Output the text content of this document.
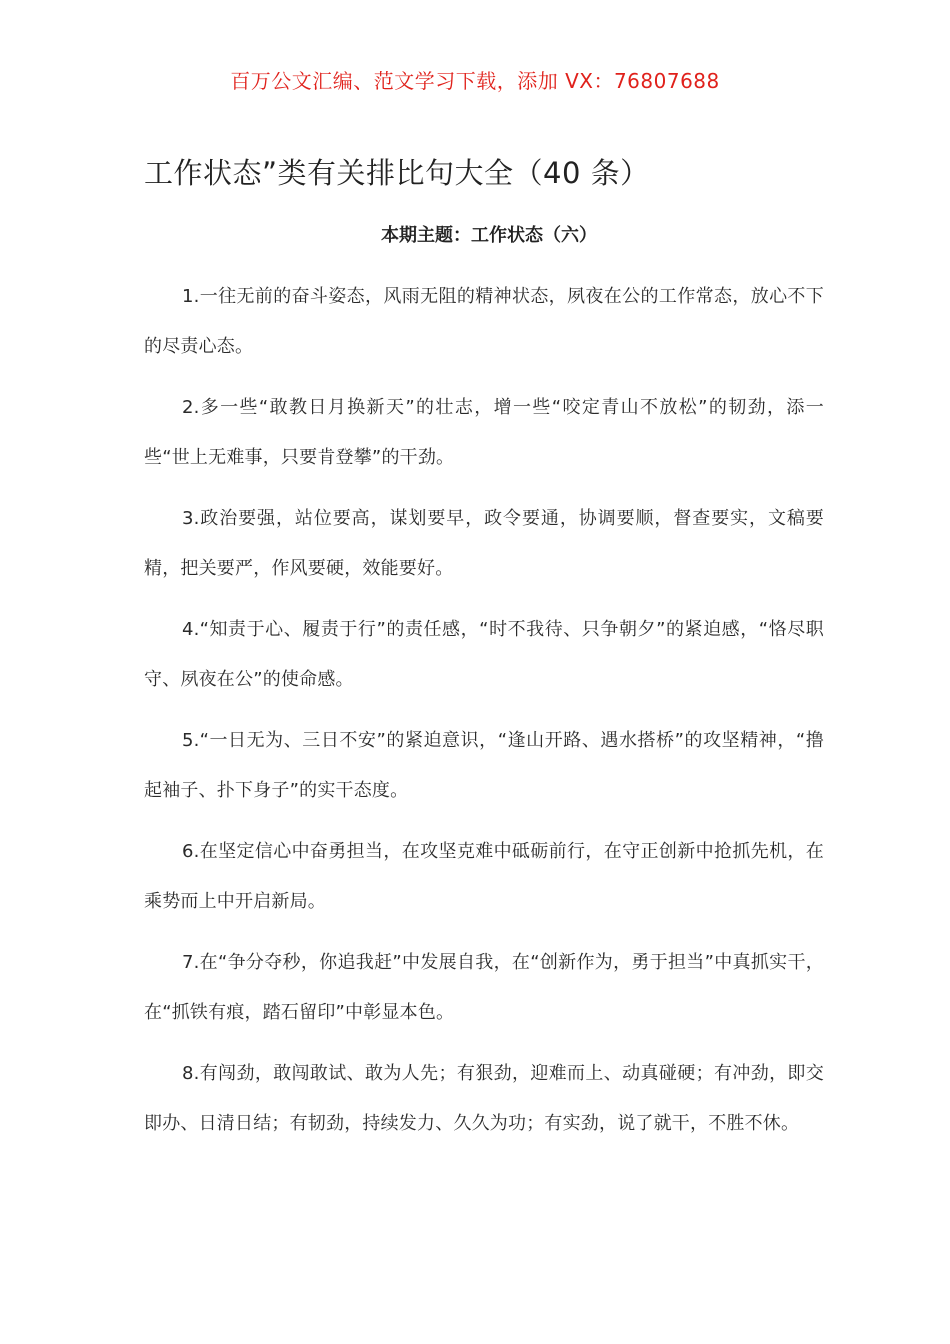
百万公文汇编、范文学习下载，添加 VX：76807688
工作状态”类有关排比句大全（40 条）
本期主题：工作状态（六）

1.一往无前的奋斗姿态，风雨无阻的精神状态，夙夜在公的工作常态，放心不下的尽责心态。

2.多一些“敢教日月换新天”的壮志，增一些“咬定青山不放松”的韧劲，添一些“世上无难事，只要肯登攀”的干劲。

3.政治要强，站位要高，谋划要早，政令要通，协调要顺，督查要实，文稿要精，把关要严，作风要硬，效能要好。

4.“知责于心、履责于行”的责任感，“时不我待、只争朝夕”的紧迫感，“恪尽职守、夙夜在公”的使命感。

5.“一日无为、三日不安”的紧迫意识，“逢山开路、遇水搭桥”的攻坚精神，“撸起袖子、扑下身子”的实干态度。

6.在坚定信心中奋勇担当，在攻坚克难中砥砺前行，在守正创新中抢抓先机，在乘势而上中开启新局。

7.在“争分夺秒，你追我赶”中发展自我，在“创新作为，勇于担当”中真抓实干，在“抓铁有痕，踏石留印”中彰显本色。

8.有闯劲，敢闯敢试、敢为人先；有狠劲，迎难而上、动真碰硬；有冲劲，即交即办、日清日结；有韧劲，持续发力、久久为功；有实劲，说了就干，不胜不休。
